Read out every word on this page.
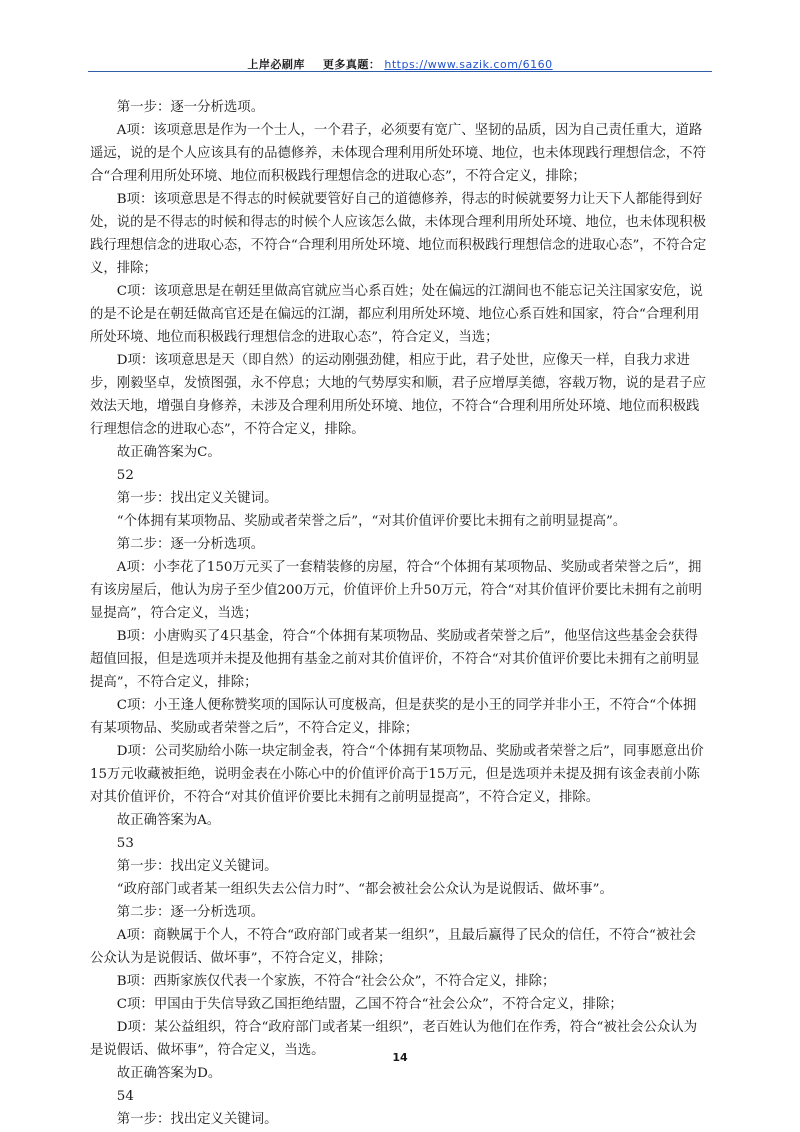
上岸必刷库 更多真题： https://www.sazik.com/6160

第一步：逐一分析选项。

A项：该项意思是作为一个士人，一个君子，必须要有宽广、坚韧的品质，因为自己责任重大，道路遥远，说的是个人应该具有的品德修养，未体现合理利用所处环境、地位，也未体现践行理想信念，不符合“合理利用所处环境、地位而积极践行理想信念的进取心态”，不符合定义，排除；

B项：该项意思是不得志的时候就要管好自己的道德修养，得志的时候就要努力让天下人都能得到好处，说的是不得志的时候和得志的时候个人应该怎么做，未体现合理利用所处环境、地位，也未体现积极践行理想信念的进取心态，不符合“合理利用所处环境、地位而积极践行理想信念的进取心态”，不符合定义，排除；

C项：该项意思是在朝廷里做高官就应当心系百姓；处在偏远的江湖间也不能忘记关注国家安危，说的是不论是在朝廷做高官还是在偏远的江湖，都应利用所处环境、地位心系百姓和国家，符合“合理利用所处环境、地位而积极践行理想信念的进取心态”，符合定义，当选；

D项：该项意思是天（即自然）的运动刚强劲健，相应于此，君子处世，应像天一样，自我力求进步，刚毅坚卓，发愤图强，永不停息；大地的气势厚实和顺，君子应增厚美德，容载万物，说的是君子应效法天地，增强自身修养，未涉及合理利用所处环境、地位，不符合“合理利用所处环境、地位而积极践行理想信念的进取心态”，不符合定义，排除。

故正确答案为C。

52

第一步：找出定义关键词。

“个体拥有某项物品、奖励或者荣誉之后”，“对其价值评价要比未拥有之前明显提高”。

第二步：逐一分析选项。

A项：小李花了150万元买了一套精装修的房屋，符合“个体拥有某项物品、奖励或者荣誉之后”，拥有该房屋后，他认为房子至少值200万元，价值评价上升50万元，符合“对其价值评价要比未拥有之前明显提高”，符合定义，当选；

B项：小唐购买了4只基金，符合“个体拥有某项物品、奖励或者荣誉之后”，他坚信这些基金会获得超值回报，但是选项并未提及他拥有基金之前对其价值评价，不符合“对其价值评价要比未拥有之前明显提高”，不符合定义，排除；

C项：小王逢人便称赞奖项的国际认可度极高，但是获奖的是小王的同学并非小王，不符合“个体拥有某项物品、奖励或者荣誉之后”，不符合定义，排除；

D项：公司奖励给小陈一块定制金表，符合“个体拥有某项物品、奖励或者荣誉之后”，同事愿意出价15万元收藏被拒绝，说明金表在小陈心中的价值评价高于15万元，但是选项并未提及拥有该金表前小陈对其价值评价，不符合“对其价值评价要比未拥有之前明显提高”，不符合定义，排除。

故正确答案为A。

53

第一步：找出定义关键词。

“政府部门或者某一组织失去公信力时”、“都会被社会公众认为是说假话、做坏事”。

第二步：逐一分析选项。

A项：商鞅属于个人，不符合“政府部门或者某一组织”，且最后赢得了民众的信任，不符合“被社会公众认为是说假话、做坏事”，不符合定义，排除；

B项：西斯家族仅代表一个家族，不符合“社会公众”，不符合定义，排除；

C项：甲国由于失信导致乙国拒绝结盟，乙国不符合“社会公众”，不符合定义，排除；

D项：某公益组织，符合“政府部门或者某一组织”，老百姓认为他们在作秀，符合“被社会公众认为是说假话、做坏事”，符合定义，当选。

故正确答案为D。

54

第一步：找出定义关键词。

14
